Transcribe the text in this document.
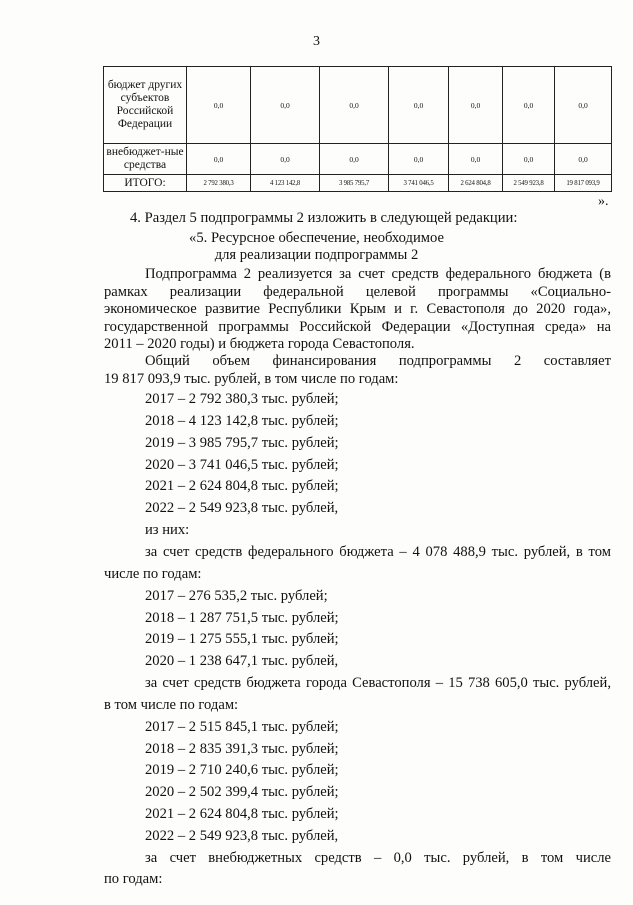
3
бюджет других субъектов Российской Федерации	0,0	0,0	0,0	0,0	0,0	0,0	0,0
внебюджет-ные средства	0,0	0,0	0,0	0,0	0,0	0,0	0,0
ИТОГО:	2 792 380,3	4 123 142,8	3 985 795,7	3 741 046,5	2 624 804,8	2 549 923,8	19 817 093,9
».
4. Раздел 5 подпрограммы 2 изложить в следующей редакции:
«5. Ресурсное обеспечение, необходимое
для реализации подпрограммы 2
Подпрограмма 2 реализуется за счет средств федерального бюджета (в
рамках реализации федеральной целевой программы «Социально-
экономическое развитие Республики Крым и г. Севастополя до 2020 года»,
государственной программы Российской Федерации «Доступная среда» на
2011 – 2020 годы) и бюджета города Севастополя.
Общий объем финансирования подпрограммы 2 составляет
19 817 093,9 тыс. рублей, в том числе по годам:
2017 – 2 792 380,3 тыс. рублей;
2018 – 4 123 142,8 тыс. рублей;
2019 – 3 985 795,7 тыс. рублей;
2020 – 3 741 046,5 тыс. рублей;
2021 – 2 624 804,8 тыс. рублей;
2022 – 2 549 923,8 тыс. рублей,
из них:
за счет средств федерального бюджета – 4 078 488,9 тыс. рублей, в том
числе по годам:
2017 – 276 535,2 тыс. рублей;
2018 – 1 287 751,5 тыс. рублей;
2019 – 1 275 555,1 тыс. рублей;
2020 – 1 238 647,1 тыс. рублей,
за счет средств бюджета города Севастополя – 15 738 605,0 тыс. рублей,
в том числе по годам:
2017 – 2 515 845,1 тыс. рублей;
2018 – 2 835 391,3 тыс. рублей;
2019 – 2 710 240,6 тыс. рублей;
2020 – 2 502 399,4 тыс. рублей;
2021 – 2 624 804,8 тыс. рублей;
2022 – 2 549 923,8 тыс. рублей,
за счет внебюджетных средств – 0,0 тыс. рублей, в том числе
по годам:
